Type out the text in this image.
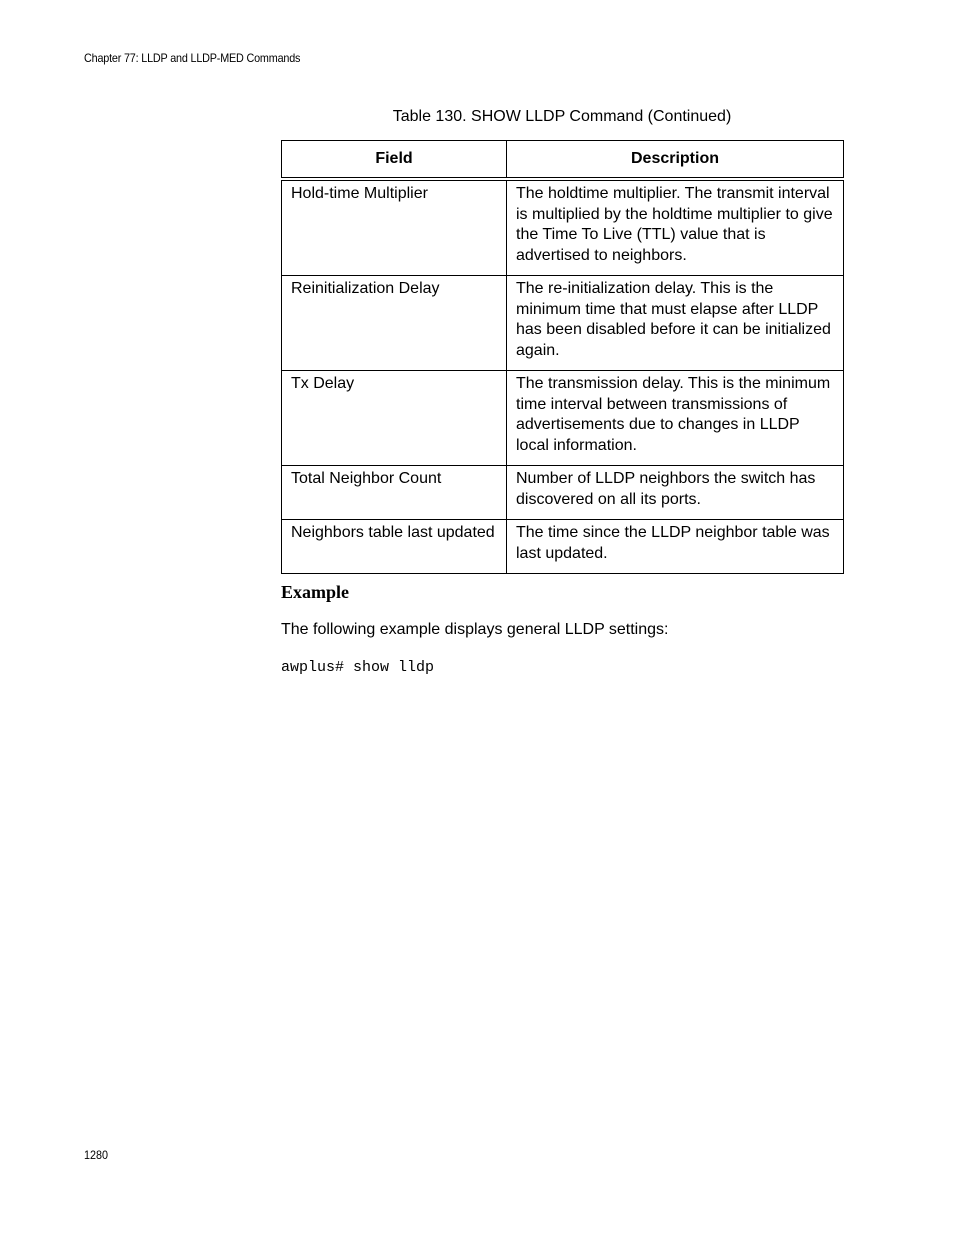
Chapter 77: LLDP and LLDP-MED Commands
Table 130. SHOW LLDP Command (Continued)
Field	Description
Hold-time Multiplier	The holdtime multiplier. The transmit interval is multiplied by the holdtime multiplier to give the Time To Live (TTL) value that is advertised to neighbors.
Reinitialization Delay	The re-initialization delay. This is the minimum time that must elapse after LLDP has been disabled before it can be initialized again.
Tx Delay	The transmission delay. This is the minimum time interval between transmissions of advertisements due to changes in LLDP local information.
Total Neighbor Count	Number of LLDP neighbors the switch has discovered on all its ports.
Neighbors table last updated	The time since the LLDP neighbor table was last updated.
Example
The following example displays general LLDP settings:
awplus# show lldp
1280
